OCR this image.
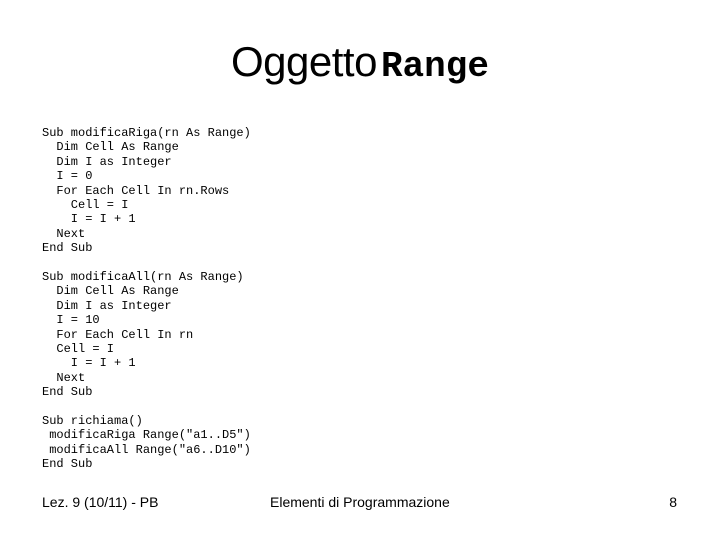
Oggetto Range
Sub modificaRiga(rn As Range)
Dim Cell As Range
Dim I as Integer
I = 0
For Each Cell In rn.Rows
Cell = I
I = I + 1
Next
End Sub
Sub modificaAll(rn As Range)
Dim Cell As Range
Dim I as Integer
I = 10
For Each Cell In rn
Cell = I
I = I + 1
Next
End Sub
Sub richiama()
modificaRiga Range("a1..D5")
modificaAll Range("a6..D10")
End Sub
Lez. 9 (10/11) - PB	Elementi di Programmazione	8
